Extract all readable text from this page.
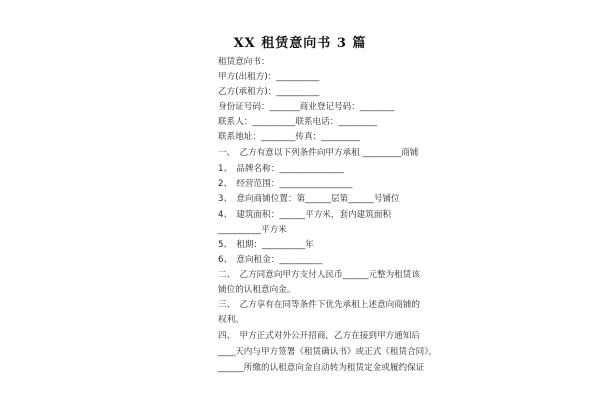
XX 租赁意向书 3 篇
租赁意向书：
甲方(出租方)：__________
乙方(承租方)：__________
身份证号码：_______商业登记号码：________
联系人：__________联系电话：_________
联系地址：________传真：_________
一、　乙方有意以下列条件向甲方承租 _________商铺
1、　品牌名称：_______________
2、　经营范围：_________________
3、　意向商铺位置：第______层第______号铺位
4、　建筑面积：______平方米，套内建筑面积
__________平方米
5、　租期：__________年
6、　意向租金：__________
二、　乙方同意向甲方支付人民币______元整为租赁该
铺位的认租意向金。
三、　乙方享有在同等条件下优先承租上述意向商铺的
权利。
四、　甲方正式对外公开招商，乙方在接到甲方通知后
____天内与甲方签署《租赁确认书》或正式《租赁合同》，
______所缴的认租意向金自动转为租赁定金或履约保证
